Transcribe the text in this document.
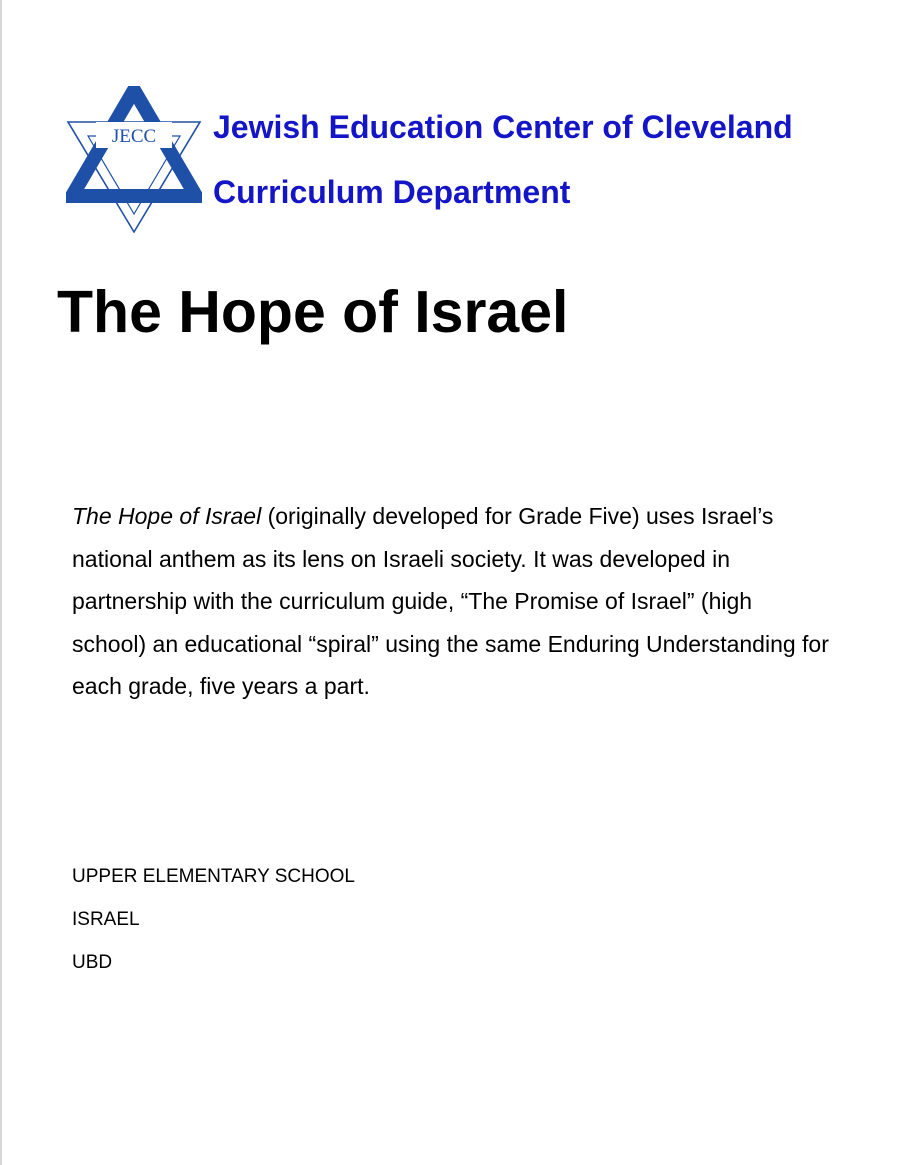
JECC Jewish Education Center of Cleveland
Curriculum Department
The Hope of Israel

The Hope of Israel (originally developed for Grade Five) uses Israel’s national anthem as its lens on Israeli society. It was developed in partnership with the curriculum guide, “The Promise of Israel” (high school) an educational “spiral” using the same Enduring Understanding for each grade, five years a part.

UPPER ELEMENTARY SCHOOL
ISRAEL
UBD
